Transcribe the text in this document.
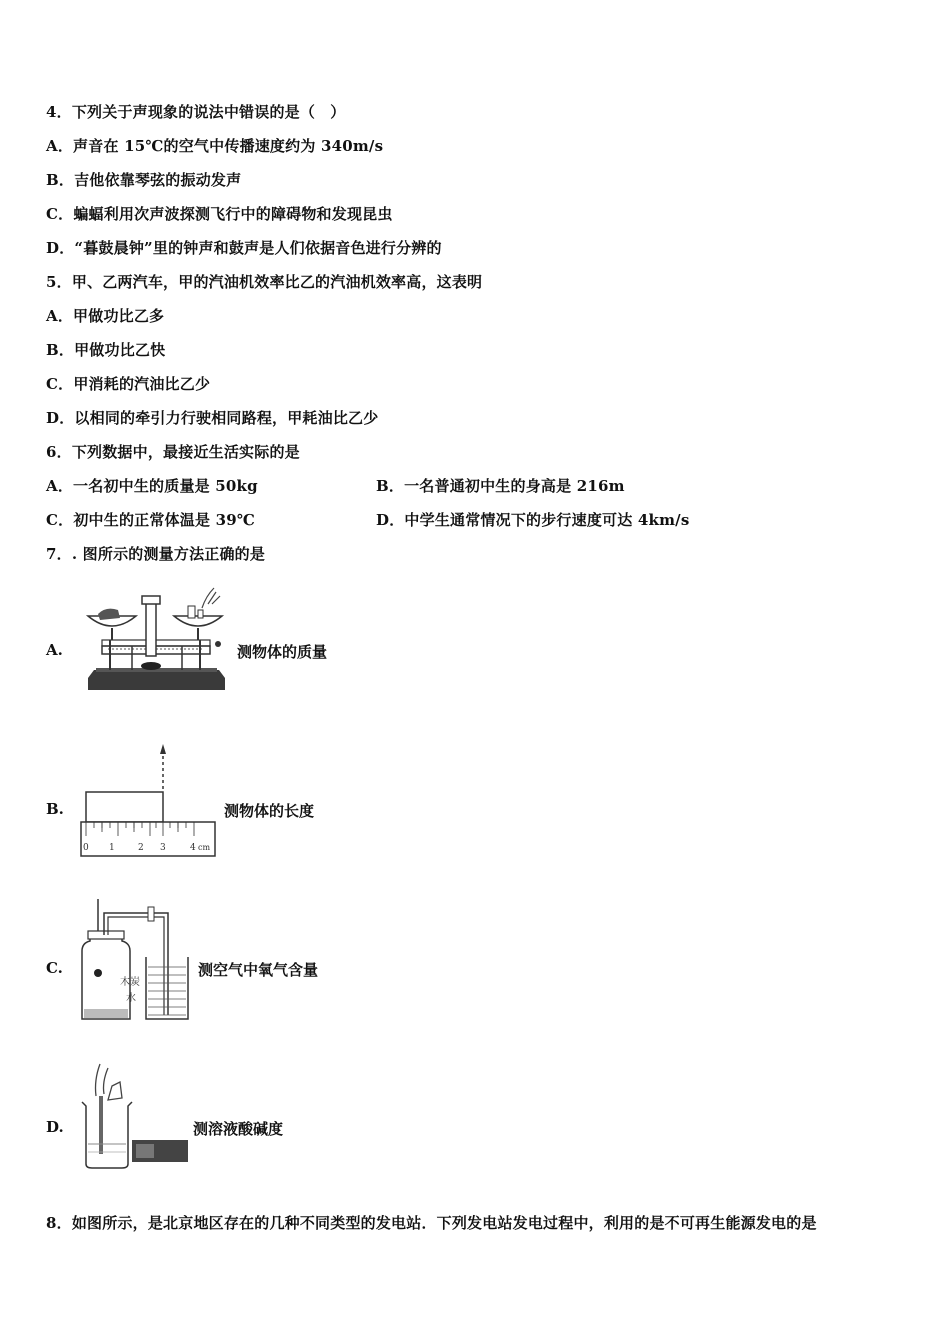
4．下列关于声现象的说法中错误的是（　）
A．声音在 15℃的空气中传播速度约为 340m/s
B．吉他依靠琴弦的振动发声
C．蝙蝠利用次声波探测飞行中的障碍物和发现昆虫
D．“暮鼓晨钟”里的钟声和鼓声是人们依据音色进行分辨的
5．甲、乙两汽车，甲的汽油机效率比乙的汽油机效率高，这表明
A．甲做功比乙多
B．甲做功比乙快
C．甲消耗的汽油比乙少
D．以相同的牵引力行驶相同路程，甲耗油比乙少
6．下列数据中，最接近生活实际的是
A．一名初中生的质量是 50kg	B．一名普通初中生的身高是 216m
C．初中生的正常体温是 39℃	D．中学生通常情况下的步行速度可达 4km/s
7．. 图所示的测量方法正确的是
A.	测物体的质量
B.
0 1	2 3	4 cm
测物体的长度
C.
木炭
水
测空气中氧气含量
D.	测溶液酸碱度
8．如图所示，是北京地区存在的几种不同类型的发电站．下列发电站发电过程中，利用的是不可再生能源发电的是
